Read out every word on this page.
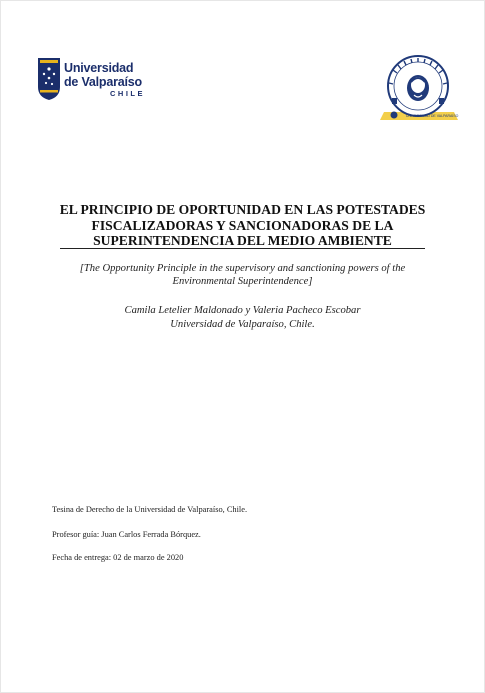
Universidad
de Valparaíso
CHILE
UNIVERSIDAD DE VALPARAÍSO
EL PRINCIPIO DE OPORTUNIDAD EN LAS POTESTADES
FISCALIZADORAS Y SANCIONADORAS DE LA
SUPERINTENDENCIA DEL MEDIO AMBIENTE
[The Opportunity Principle in the supervisory and sanctioning powers of the
Environmental Superintendence]
Camila Letelier Maldonado y Valeria Pacheco Escobar
Universidad de Valparaíso, Chile.
Tesina de Derecho de la Universidad de Valparaíso, Chile.
Profesor guía: Juan Carlos Ferrada Bórquez.
Fecha de entrega: 02 de marzo de 2020
